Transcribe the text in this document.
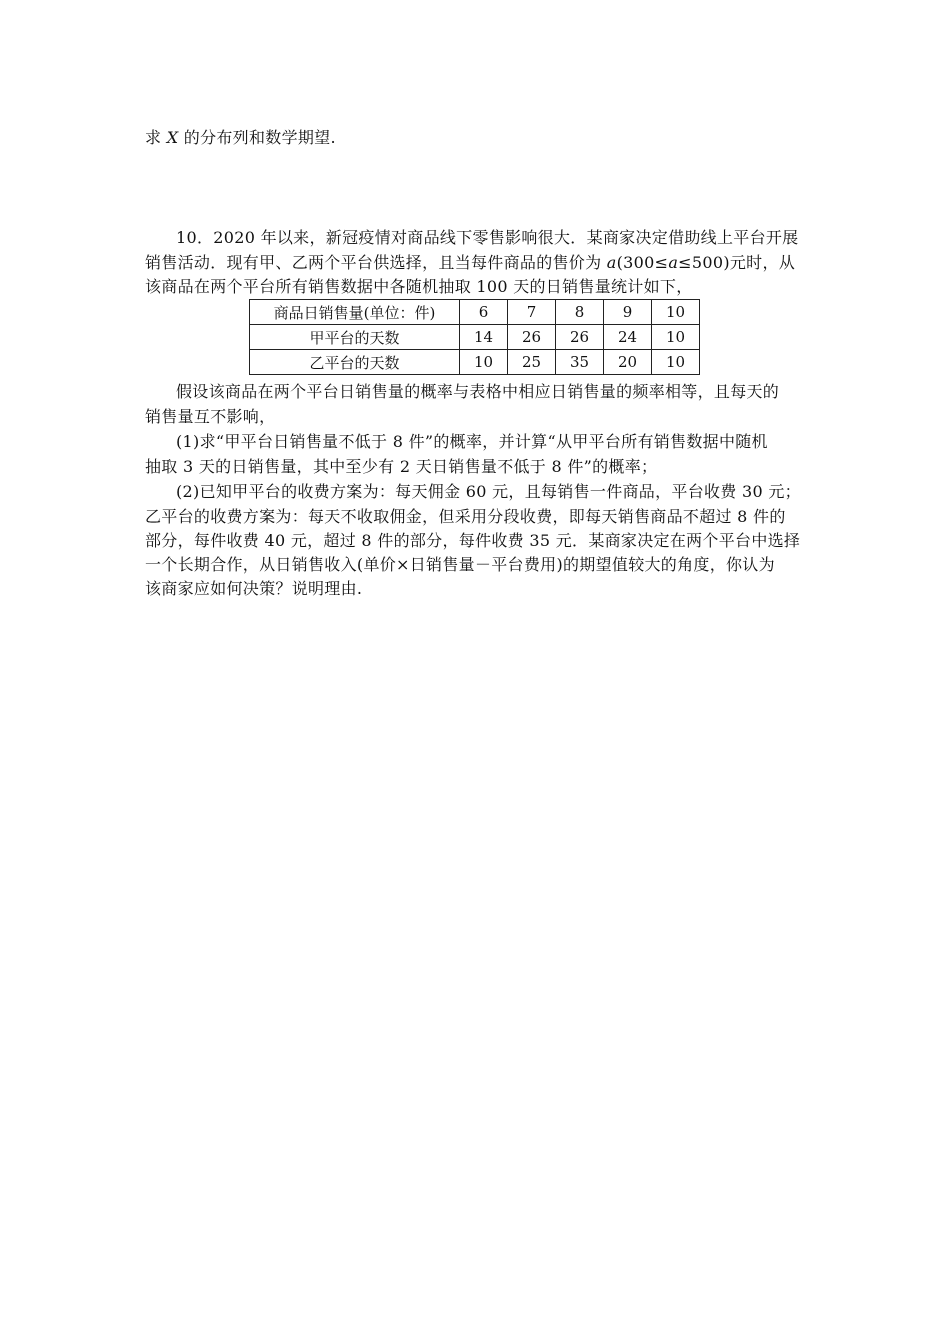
求 X 的分布列和数学期望.
10．2020 年以来，新冠疫情对商品线下零售影响很大．某商家决定借助线上平台开展
销售活动．现有甲、乙两个平台供选择，且当每件商品的售价为 a(300≤a≤500)元时，从
该商品在两个平台所有销售数据中各随机抽取 100 天的日销售量统计如下，
商品日销售量(单位：件)	6	7	8	9	10
甲平台的天数	14	26	26	24	10
乙平台的天数	10	25	35	20	10
假设该商品在两个平台日销售量的概率与表格中相应日销售量的频率相等，且每天的
销售量互不影响，
(1)求“甲平台日销售量不低于 8 件”的概率，并计算“从甲平台所有销售数据中随机
抽取 3 天的日销售量，其中至少有 2 天日销售量不低于 8 件”的概率；
(2)已知甲平台的收费方案为：每天佣金 60 元，且每销售一件商品，平台收费 30 元；
乙平台的收费方案为：每天不收取佣金，但采用分段收费，即每天销售商品不超过 8 件的
部分，每件收费 40 元，超过 8 件的部分，每件收费 35 元．某商家决定在两个平台中选择
一个长期合作，从日销售收入(单价×日销售量－平台费用)的期望值较大的角度，你认为
该商家应如何决策？说明理由.
